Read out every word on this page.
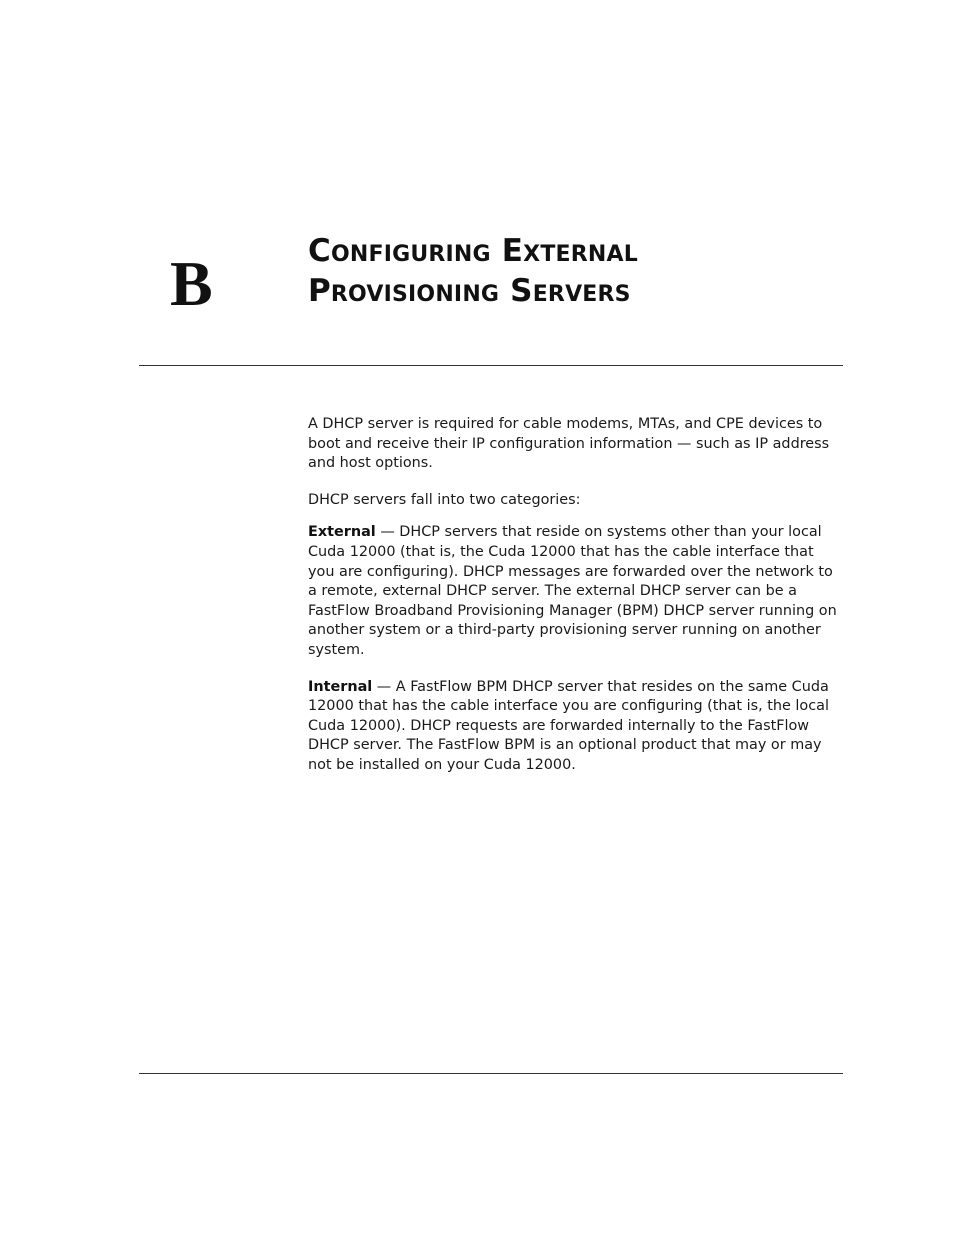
B	Configuring External
Provisioning Servers

A DHCP server is required for cable modems, MTAs, and CPE devices to boot and receive their IP configuration information — such as IP address and host options.

DHCP servers fall into two categories:

External — DHCP servers that reside on systems other than your local Cuda 12000 (that is, the Cuda 12000 that has the cable interface that you are configuring). DHCP messages are forwarded over the network to a remote, external DHCP server. The external DHCP server can be a FastFlow Broadband Provisioning Manager (BPM) DHCP server running on another system or a third-party provisioning server running on another system.

Internal — A FastFlow BPM DHCP server that resides on the same Cuda 12000 that has the cable interface you are configuring (that is, the local Cuda 12000). DHCP requests are forwarded internally to the FastFlow DHCP server. The FastFlow BPM is an optional product that may or may not be installed on your Cuda 12000.
